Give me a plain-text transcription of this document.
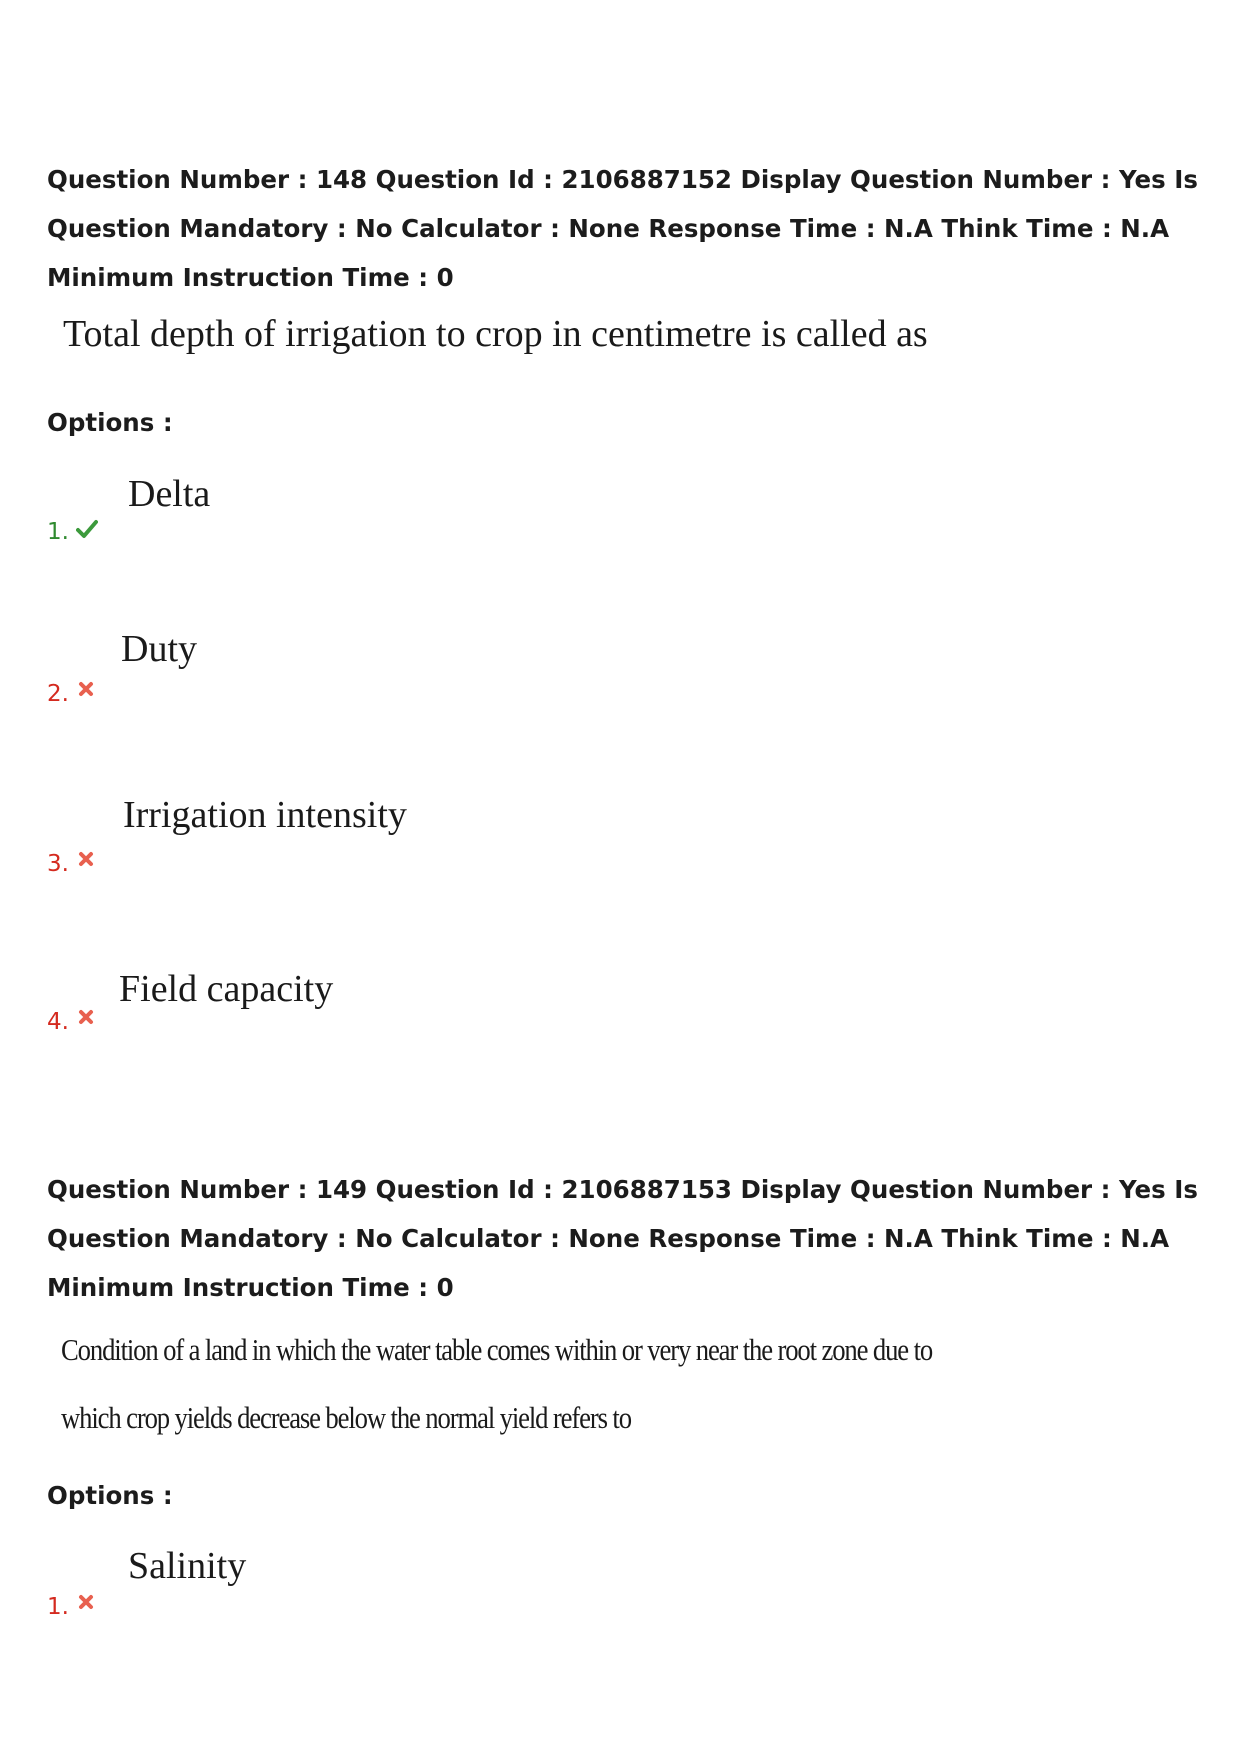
Question Number : 148 Question Id : 2106887152 Display Question Number : Yes Is Question Mandatory : No Calculator : None Response Time : N.A Think Time : N.A Minimum Instruction Time : 0

Total depth of irrigation to crop in centimetre is called as

Options :

Delta
1.
Duty
2.
Irrigation intensity
3.
Field capacity
4.

Question Number : 149 Question Id : 2106887153 Display Question Number : Yes Is Question Mandatory : No Calculator : None Response Time : N.A Think Time : N.A Minimum Instruction Time : 0

Condition of a land in which the water table comes within or very near the root zone due to

which crop yields decrease below the normal yield refers to

Options :

Salinity
1.
